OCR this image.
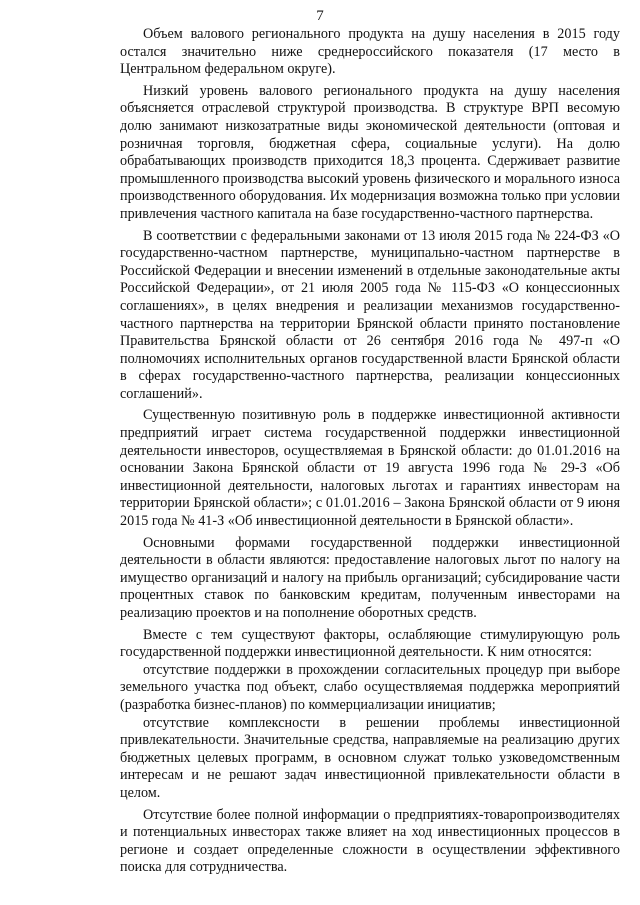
7

Объем валового регионального продукта на душу населения в 2015 году остался значительно ниже среднероссийского показателя (17 место в Центральном федеральном округе).

Низкий уровень валового регионального продукта на душу населения объясняется отраслевой структурой производства. В структуре ВРП весомую долю занимают низкозатратные виды экономической деятельности (оптовая и розничная торговля, бюджетная сфера, социальные услуги). На долю обрабатывающих производств приходится 18,3 процента. Сдерживает развитие промышленного производства высокий уровень физического и морального износа производственного оборудования. Их модернизация возможна только при условии привлечения частного капитала на базе государственно-частного партнерства.

В соответствии с федеральными законами от 13 июля 2015 года № 224-ФЗ «О государственно-частном партнерстве, муниципально-частном партнерстве в Российской Федерации и внесении изменений в отдельные законодательные акты Российской Федерации», от 21 июля 2005 года № 115-ФЗ «О концессионных соглашениях», в целях внедрения и реализации механизмов государственно-частного партнерства на территории Брянской области принято постановление Правительства Брянской области от 26 сентября 2016 года № 497-п «О полномочиях исполнительных органов государственной власти Брянской области в сферах государственно-частного партнерства, реализации концессионных соглашений».

Существенную позитивную роль в поддержке инвестиционной активности предприятий играет система государственной поддержки инвестиционной деятельности инвесторов, осуществляемая в Брянской области: до 01.01.2016 на основании Закона Брянской области от 19 августа 1996 года № 29-З «Об инвестиционной деятельности, налоговых льготах и гарантиях инвесторам на территории Брянской области»; с 01.01.2016 – Закона Брянской области от 9 июня 2015 года № 41-З «Об инвестиционной деятельности в Брянской области».

Основными формами государственной поддержки инвестиционной деятельности в области являются: предоставление налоговых льгот по налогу на имущество организаций и налогу на прибыль организаций; субсидирование части процентных ставок по банковским кредитам, полученным инвесторами на реализацию проектов и на пополнение оборотных средств.

Вместе с тем существуют факторы, ослабляющие стимулирующую роль государственной поддержки инвестиционной деятельности. К ним относятся:

отсутствие поддержки в прохождении согласительных процедур при выборе земельного участка под объект, слабо осуществляемая поддержка мероприятий (разработка бизнес-планов) по коммерциализации инициатив;

отсутствие комплексности в решении проблемы инвестиционной привлекательности. Значительные средства, направляемые на реализацию других бюджетных целевых программ, в основном служат только узковедомственным интересам и не решают задач инвестиционной привлекательности области в целом.

Отсутствие более полной информации о предприятиях-товаропроизводителях и потенциальных инвесторах также влияет на ход инвестиционных процессов в регионе и создает определенные сложности в осуществлении эффективного поиска для сотрудничества.
